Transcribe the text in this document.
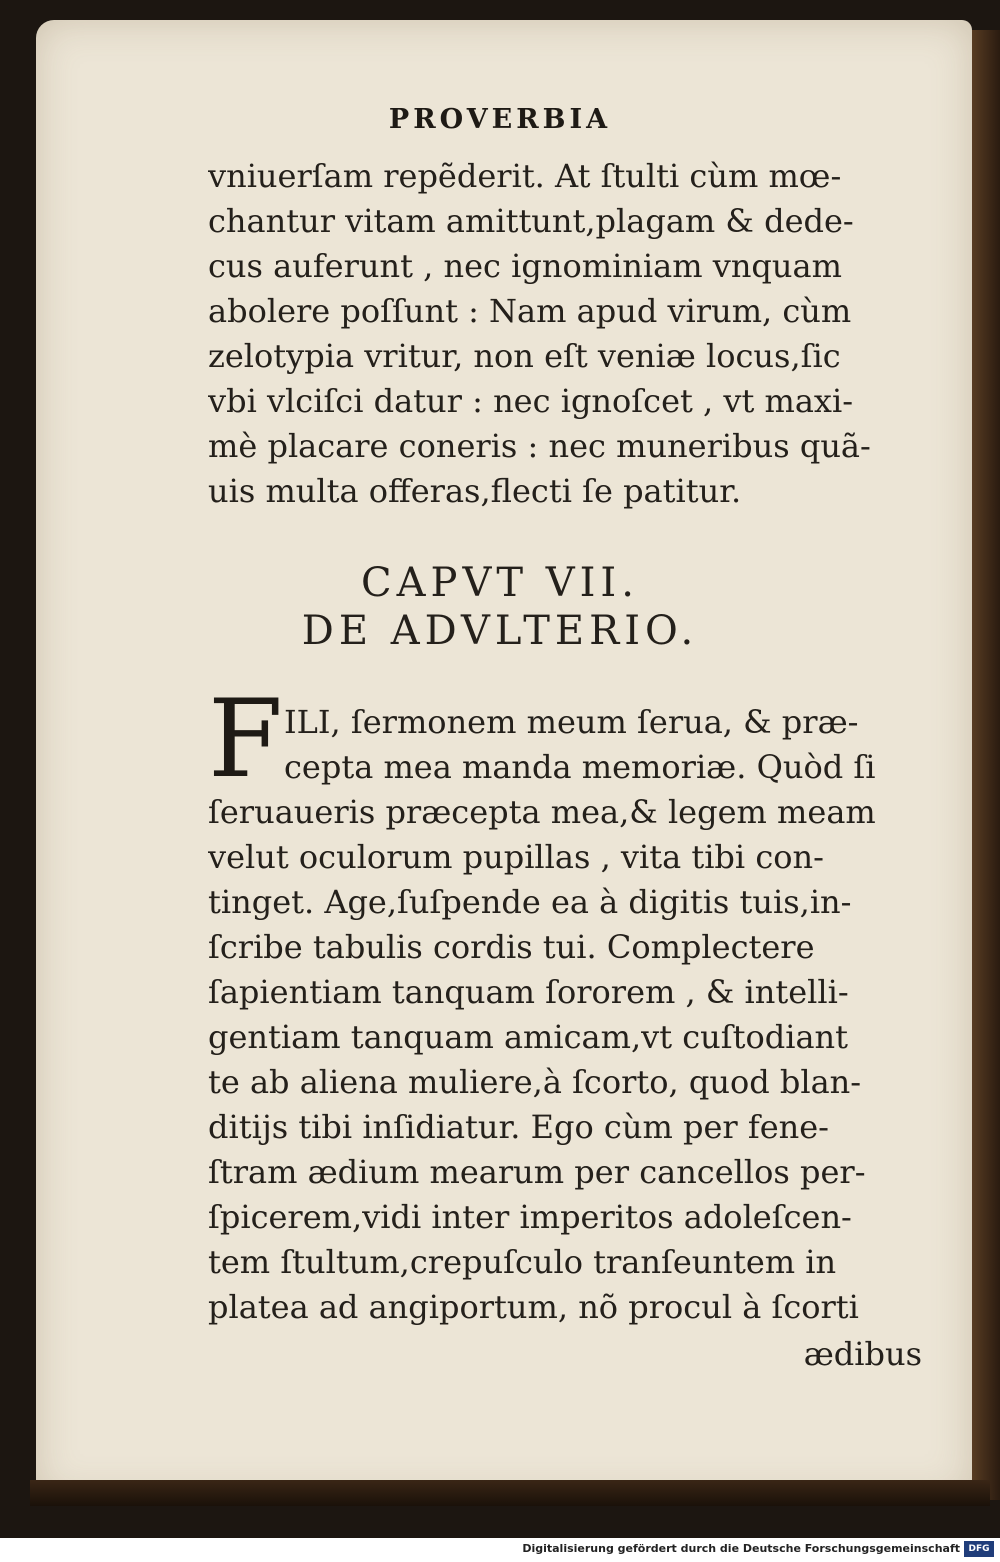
PROVERBIA
vniuerſam repẽderit. At ſtulti cùm mœ-
chantur vitam amittunt,plagam & dede-
cus auferunt , nec ignominiam vnquam
abolere poſſunt : Nam apud virum, cùm
zelotypia vritur, non eſt veniæ locus,ſic
vbi vlciſci datur : nec ignoſcet , vt maxi-
mè placare coneris : nec muneribus quã-
uis multa offeras,flecti ſe patitur.
CAPVT VII.
DE ADVLTERIO.
F ILI, ſermonem meum ſerua, & præ-
cepta mea manda memoriæ. Quòd ſi
ſeruaueris præcepta mea,& legem meam
velut oculorum pupillas , vita tibi con-
tinget. Age,ſuſpende ea à digitis tuis,in-
ſcribe tabulis cordis tui. Complectere
ſapientiam tanquam ſororem , & intelli-
gentiam tanquam amicam,vt cuſtodiant
te ab aliena muliere,à ſcorto, quod blan-
ditijs tibi inſidiatur. Ego cùm per fene-
ſtram ædium mearum per cancellos per-
ſpicerem,vidi inter imperitos adoleſcen-
tem ſtultum,crepuſculo tranſeuntem in
platea ad angiportum, nõ procul à ſcorti
ædibus
Digitalisierung gefördert durch die Deutsche Forschungsgemeinschaft DFG
